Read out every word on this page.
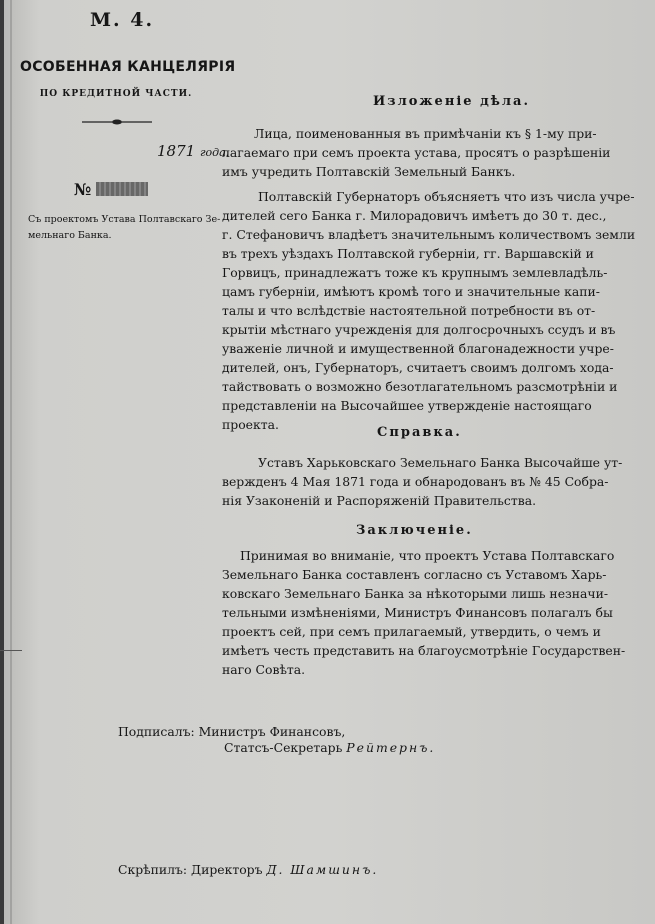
М. 4.
ОСОБЕННАЯ КАНЦЕЛЯРІЯ
ПО КРЕДИТНОЙ ЧАСТИ.
1871 года.
№
Съ проектомъ Устава Полтавскаго Зе-
мельнаго Банка.
Изложеніе дѣла.
Лица, поименованныя въ примѣчаніи къ § 1-му при-
лагаемаго при семъ проекта устава, просятъ о разрѣшеніи
имъ учредить Полтавскій Земельный Банкъ.
Полтавскій Губернаторъ объясняетъ что изъ числа учре-
дителей сего Банка г. Милорадовичъ имѣетъ до 30 т. дес.,
г. Стефановичъ владѣетъ значительнымъ количествомъ земли
въ трехъ уѣздахъ Полтавской губерніи, гг. Варшавскій и
Горвицъ, принадлежатъ тоже къ крупнымъ землевладѣль-
цамъ губерніи, имѣютъ кромѣ того и значительные капи-
талы и что вслѣдствіе настоятельной потребности въ от-
крытіи мѣстнаго учрежденія для долгосрочныхъ ссудъ и въ
уваженіе личной и имущественной благонадежности учре-
дителей, онъ, Губернаторъ, считаетъ своимъ долгомъ хода-
тайствовать о возможно безотлагательномъ разсмотрѣніи и
представленіи на Высочайшее утвержденіе настоящаго
проекта.
Справка.
Уставъ Харьковскаго Земельнаго Банка Высочайше ут-
вержденъ 4 Мая 1871 года и обнародованъ въ № 45 Собра-
нія Узаконеній и Распоряженій Правительства.
Заключеніе.
Принимая во вниманіе, что проектъ Устава Полтавскаго
Земельнаго Банка составленъ согласно съ Уставомъ Харь-
ковскаго Земельнаго Банка за нѣкоторыми лишь незначи-
тельными измѣненіями, Министръ Финансовъ полагалъ бы
проектъ сей, при семъ прилагаемый, утвердить, о чемъ и
имѣетъ честь представить на благоусмотрѣніе Государствен-
наго Совѣта.
Подписалъ: Министръ Финансовъ,
Статсъ-Секретарь Рейтернъ.
Скрѣпилъ: Директоръ Д. Шамшинъ.
